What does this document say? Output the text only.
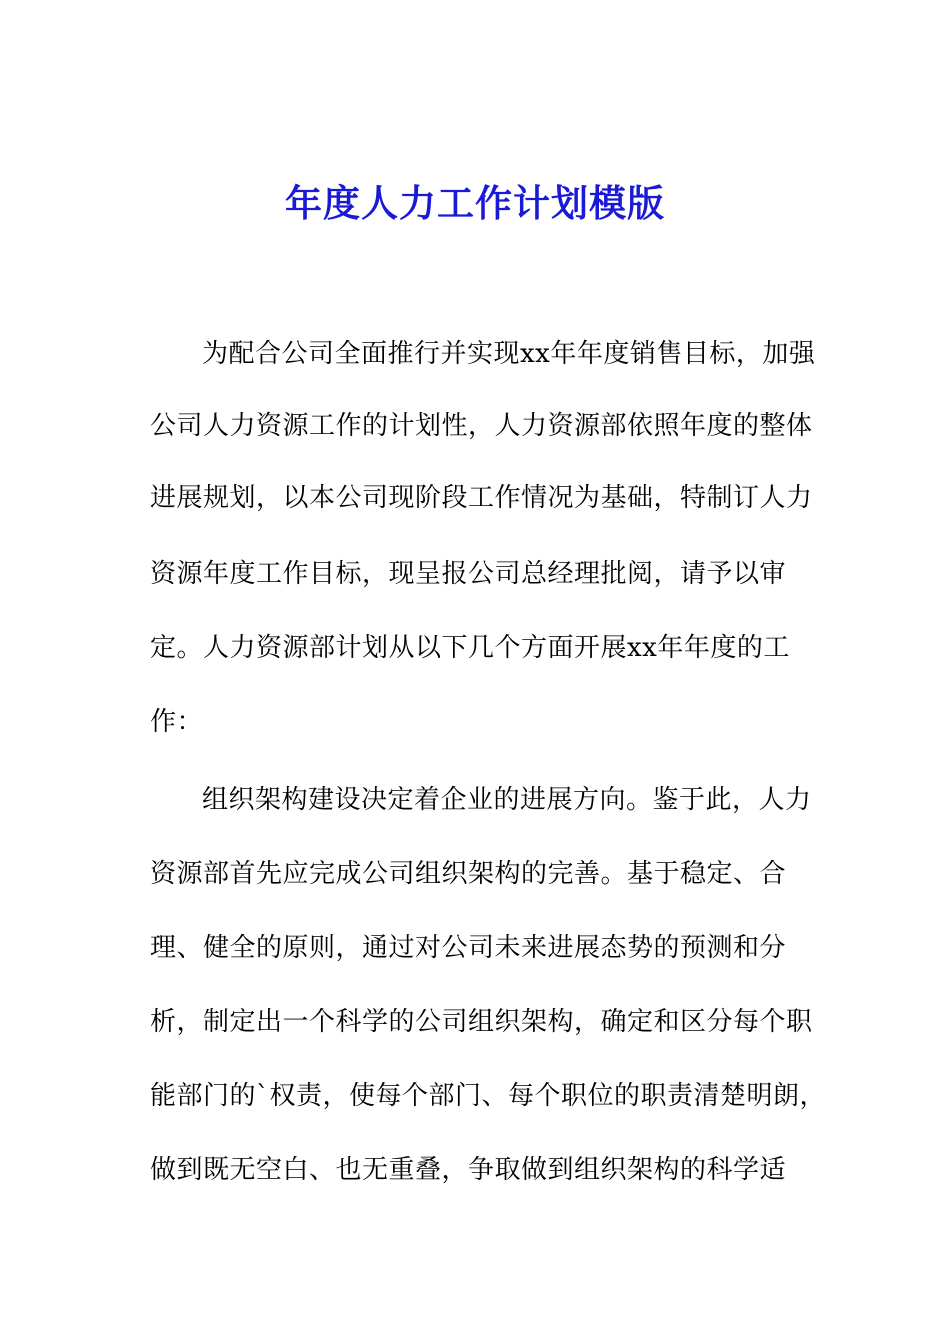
年度人力工作计划模版
为配合公司全面推行并实现xx年年度销售目标，加强
公司人力资源工作的计划性，人力资源部依照年度的整体
进展规划，以本公司现阶段工作情况为基础，特制订人力
资源年度工作目标，现呈报公司总经理批阅，请予以审
定。人力资源部计划从以下几个方面开展xx年年度的工
作：
组织架构建设决定着企业的进展方向。鉴于此，人力
资源部首先应完成公司组织架构的完善。基于稳定、合
理、健全的原则，通过对公司未来进展态势的预测和分
析，制定出一个科学的公司组织架构，确定和区分每个职
能部门的`权责，使每个部门、每个职位的职责清楚明朗，
做到既无空白、也无重叠，争取做到组织架构的科学适
